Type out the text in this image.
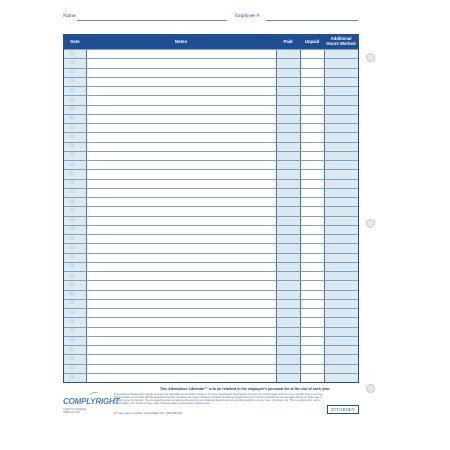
Name:	Employee #:
Date	Notes	Paid	Unpaid	Additional Hours Worked
/ /
/ /
/ /
/ /
/ /
/ /
/ /
/ /
/ /
/ /
/ /
/ /
/ /
/ /
/ /
/ /
/ /
/ /
/ /
/ /
/ /
/ /
/ /
/ /
/ /
/ /
/ /
/ /
/ /
/ /
/ /
/ /
/ /
/ /
/ /
/ /
This Attendance Calendar™ is to be retained in the employee's personal file at the end of each year.
This product is designed to provide accurate and authoritative information. However, it is not a substitute for legal advice and does not provide legal opinions on any specific facts or services. The information is provided with the understanding that our parties are solely involved in creating, producing or distributing this product is not liable for any damages arising out of the use or inability to use this product. You are urged to consult an attorney concerning your particular situation and any specific questions you may have. Important note: This is registered for use by the purchaser only. Check into any state or federal posting or attendance requirements.
For easy ways to reorder: ComplyRight.com • 800-999-9111
COMPLYRIGHT
©2019 ComplyRight
A4004 (10-19)
ATTORNEY
